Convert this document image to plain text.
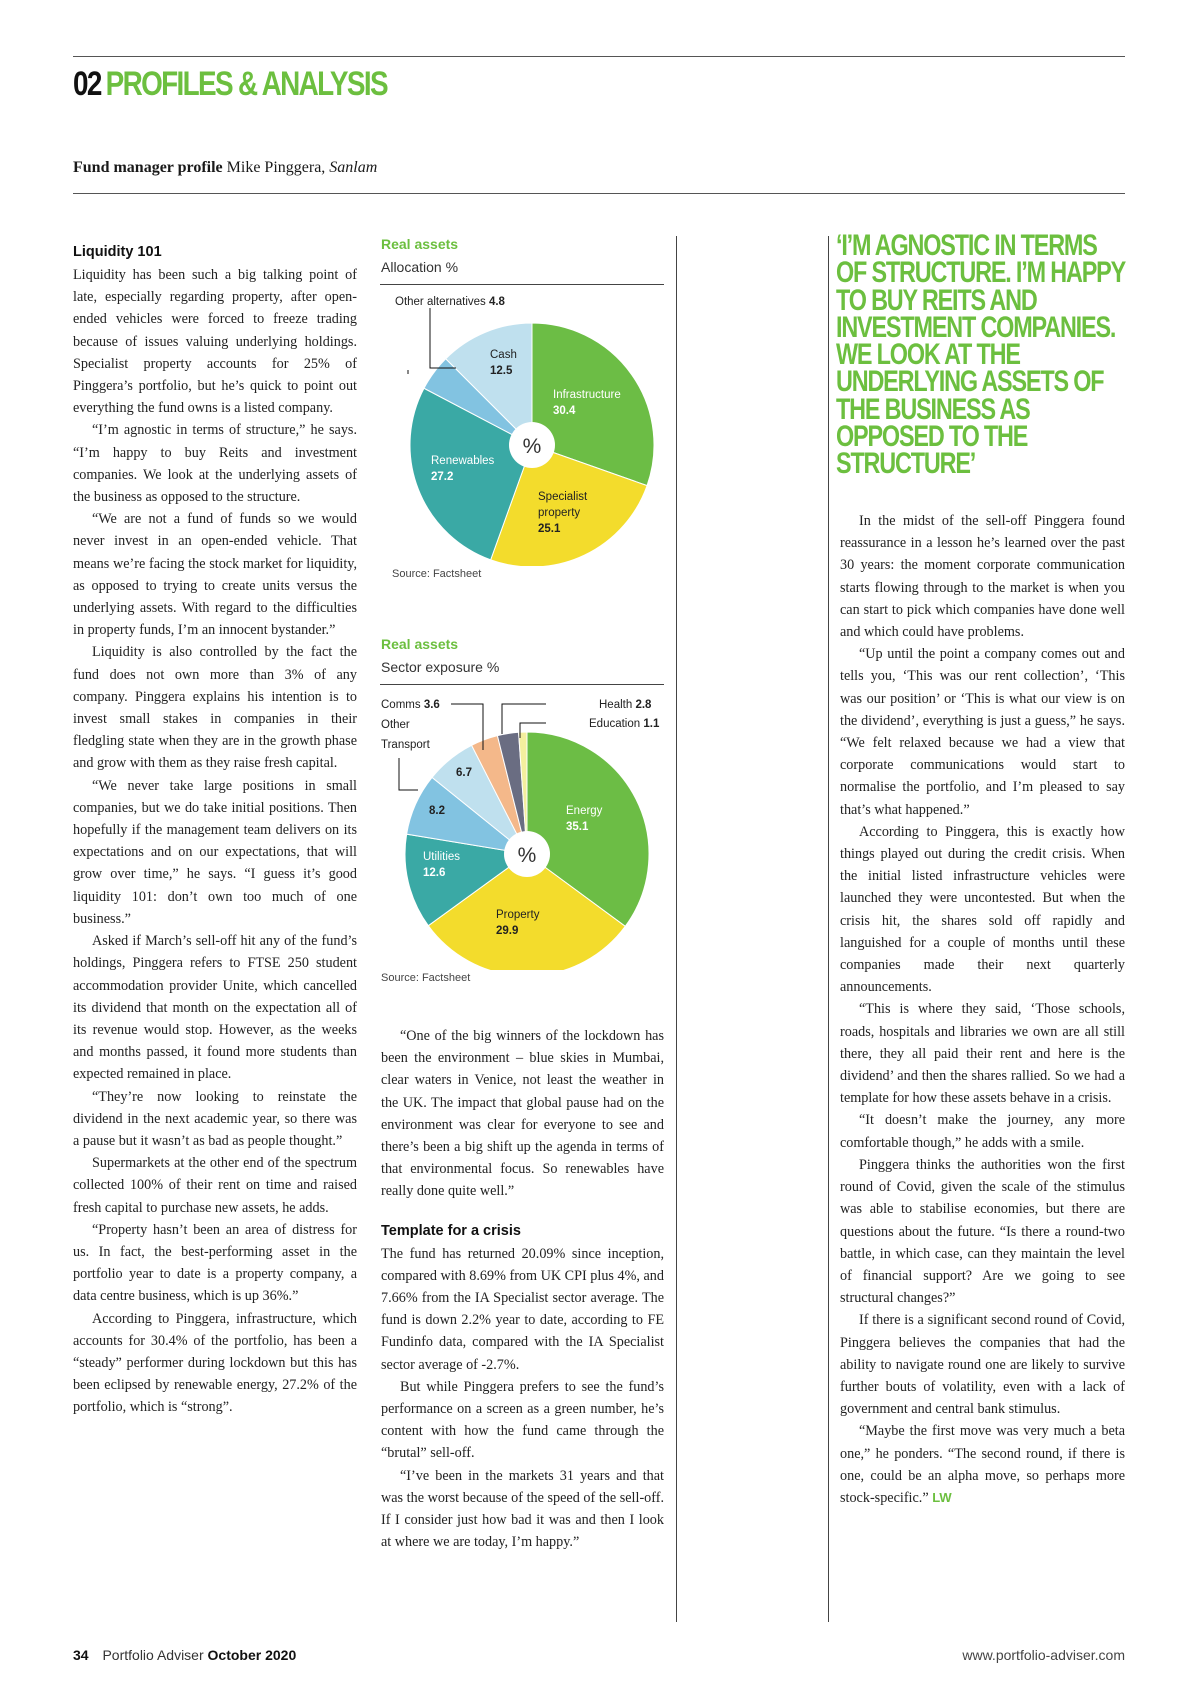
02 PROFILES & ANALYSIS
Fund manager profile Mike Pinggera, Sanlam
Liquidity 101

Liquidity has been such a big talking point of late, especially regarding property, after open-ended vehicles were forced to freeze trading because of issues valuing underlying holdings. Specialist property accounts for 25% of Pinggera’s portfolio, but he’s quick to point out everything the fund owns is a listed company.

“I’m agnostic in terms of structure,” he says. “I’m happy to buy Reits and investment companies. We look at the underlying assets of the business as opposed to the structure.

“We are not a fund of funds so we would never invest in an open-ended vehicle. That means we’re facing the stock market for liquidity, as opposed to trying to create units versus the underlying assets. With regard to the difficulties in property funds, I’m an innocent bystander.”

Liquidity is also controlled by the fact the fund does not own more than 3% of any company. Pinggera explains his intention is to invest small stakes in companies in their fledgling state when they are in the growth phase and grow with them as they raise fresh capital.

“We never take large positions in small companies, but we do take initial positions. Then hopefully if the management team delivers on its expectations and on our expectations, that will grow over time,” he says. “I guess it’s good liquidity 101: don’t own too much of one business.”

Asked if March’s sell-off hit any of the fund’s holdings, Pinggera refers to FTSE 250 student accommodation provider Unite, which cancelled its dividend that month on the expectation all of its revenue would stop. However, as the weeks and months passed, it found more students than expected remained in place.

“They’re now looking to reinstate the dividend in the next academic year, so there was a pause but it wasn’t as bad as people thought.”

Supermarkets at the other end of the spectrum collected 100% of their rent on time and raised fresh capital to purchase new assets, he adds.

“Property hasn’t been an area of distress for us. In fact, the best-performing asset in the portfolio year to date is a property company, a data centre business, which is up 36%.”

According to Pinggera, infrastructure, which accounts for 30.4% of the portfolio, has been a “steady” performer during lockdown but this has been eclipsed by renewable energy, 27.2% of the portfolio, which is “strong”.

Real assets
Allocation %
%
Other alternatives 4.8
Cash
12.5
Infrastructure
30.4
Specialist
property
25.1
Renewables
27.2
Source: Factsheet
Real assets
Sector exposure %
%
Comms 3.6
Other
Transport
Health 2.8
Education 1.1
6.7
8.2
Utilities
12.6
Energy
35.1
Property
29.9
Source: Factsheet

“One of the big winners of the lockdown has been the environment – blue skies in Mumbai, clear waters in Venice, not least the weather in the UK. The impact that global pause had on the environment was clear for everyone to see and there’s been a big shift up the agenda in terms of that environmental focus. So renewables have really done quite well.”

Template for a crisis

The fund has returned 20.09% since inception, compared with 8.69% from UK CPI plus 4%, and 7.66% from the IA Specialist sector average. The fund is down 2.2% year to date, according to FE Fundinfo data, compared with the IA Specialist sector average of -2.7%.

But while Pinggera prefers to see the fund’s performance on a screen as a green number, he’s content with how the fund came through the “brutal” sell-off.

“I’ve been in the markets 31 years and that was the worst because of the speed of the sell-off. If I consider just how bad it was and then I look at where we are today, I’m happy.”

‘I’M AGNOSTIC IN TERMS OF STRUCTURE. I’M HAPPY TO BUY REITS AND INVESTMENT COMPANIES. WE LOOK AT THE UNDERLYING ASSETS OF THE BUSINESS AS OPPOSED TO THE STRUCTURE’

In the midst of the sell-off Pinggera found reassurance in a lesson he’s learned over the past 30 years: the moment corporate communication starts flowing through to the market is when you can start to pick which companies have done well and which could have problems.

“Up until the point a company comes out and tells you, ‘This was our rent collection’, ‘This was our position’ or ‘This is what our view is on the dividend’, everything is just a guess,” he says. “We felt relaxed because we had a view that corporate communications would start to normalise the portfolio, and I’m pleased to say that’s what happened.”

According to Pinggera, this is exactly how things played out during the credit crisis. When the initial listed infrastructure vehicles were launched they were uncontested. But when the crisis hit, the shares sold off rapidly and languished for a couple of months until these companies made their next quarterly announcements.

“This is where they said, ‘Those schools, roads, hospitals and libraries we own are all still there, they all paid their rent and here is the dividend’ and then the shares rallied. So we had a template for how these assets behave in a crisis.

“It doesn’t make the journey, any more comfortable though,” he adds with a smile.

Pinggera thinks the authorities won the first round of Covid, given the scale of the stimulus was able to stabilise economies, but there are questions about the future. “Is there a round-two battle, in which case, can they maintain the level of financial support? Are we going to see structural changes?”

If there is a significant second round of Covid, Pinggera believes the companies that had the ability to navigate round one are likely to survive further bouts of volatility, even with a lack of government and central bank stimulus.

“Maybe the first move was very much a beta one,” he ponders. “The second round, if there is one, could be an alpha move, so perhaps more stock-specific.” LW

34 Portfolio Adviser October 2020	www.portfolio-adviser.com
